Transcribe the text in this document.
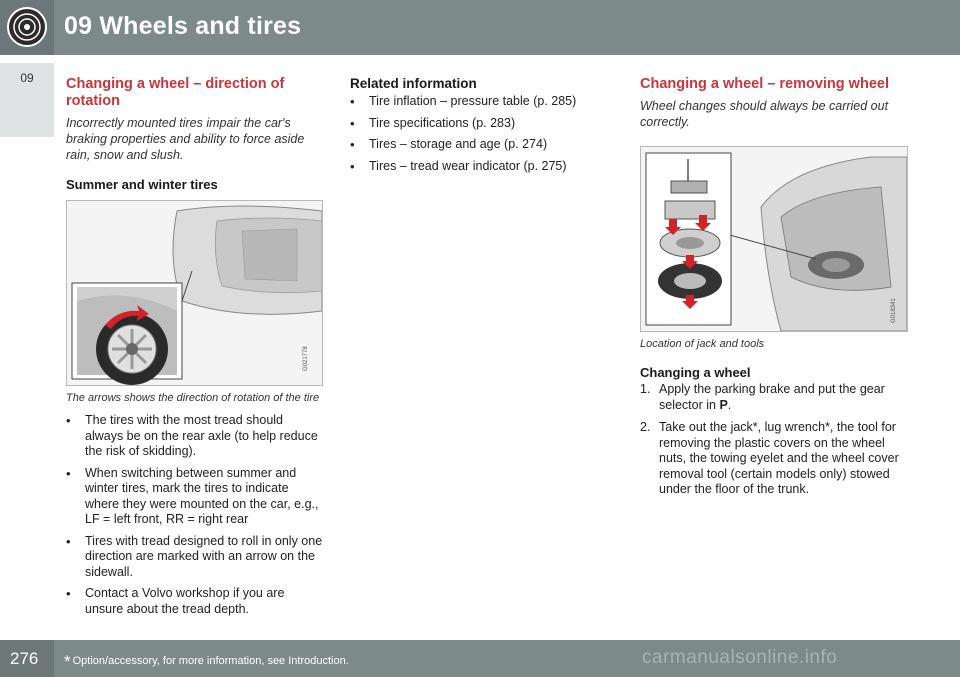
09 Wheels and tires
09	Changing a wheel – direction of rotation

Incorrectly mounted tires impair the car's braking properties and ability to force aside rain, snow and slush.

Summer and winter tires
G021778

The arrows shows the direction of rotation of the tire

• The tires with the most tread should always be on the rear axle (to help reduce the risk of skidding).
• When switching between summer and winter tires, mark the tires to indicate where they were mounted on the car, e.g., LF = left front, RR = right rear
• Tires with tread designed to roll in only one direction are marked with an arrow on the sidewall.
• Contact a Volvo workshop if you are unsure about the tread depth.
Related information
• Tire inflation – pressure table (p. 285)
• Tire specifications (p. 283)
• Tires – storage and age (p. 274)
• Tires – tread wear indicator (p. 275)
Changing a wheel – removing wheel

Wheel changes should always be carried out correctly.

G018341

Location of jack and tools

Changing a wheel
1. Apply the parking brake and put the gear selector in P.
2. Take out the jack*, lug wrench*, the tool for removing the plastic covers on the wheel nuts, the towing eyelet and the wheel cover removal tool (certain models only) stowed under the floor of the trunk.
276 * Option/accessory, for more information, see Introduction.	carmanualsonline.info
